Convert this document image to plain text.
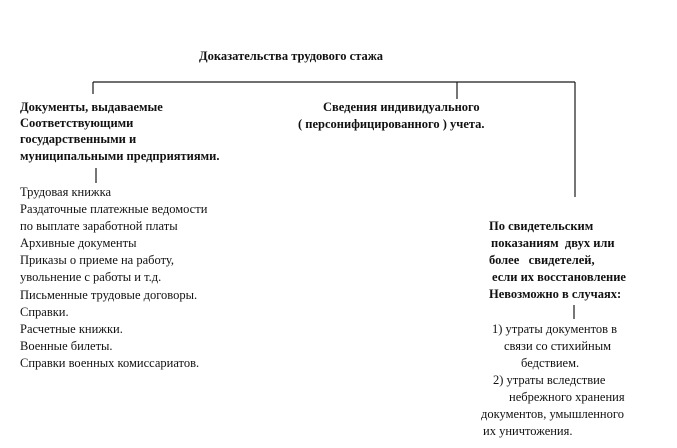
Доказательства трудового стажа
Документы, выдаваемые
Соответствующими
государственными и
муниципальными предприятиями.
Трудовая книжка
Раздаточные платежные ведомости
по выплате заработной платы
Архивные документы
Приказы о приеме на работу,
увольнение с работы и т.д.
Письменные трудовые договоры.
Справки.
Расчетные книжки.
Военные билеты.
Справки военных комиссариатов.
Сведения индивидуального
( персонифицированного ) учета.
По свидетельским
показаниям  двух или
более   свидетелей,
если их восстановление
Невозможно в случаях:
1) утраты документов в
связи со стихийным
бедствием.
2) утраты вследствие
небрежного хранения
документов, умышленного
их уничтожения.
